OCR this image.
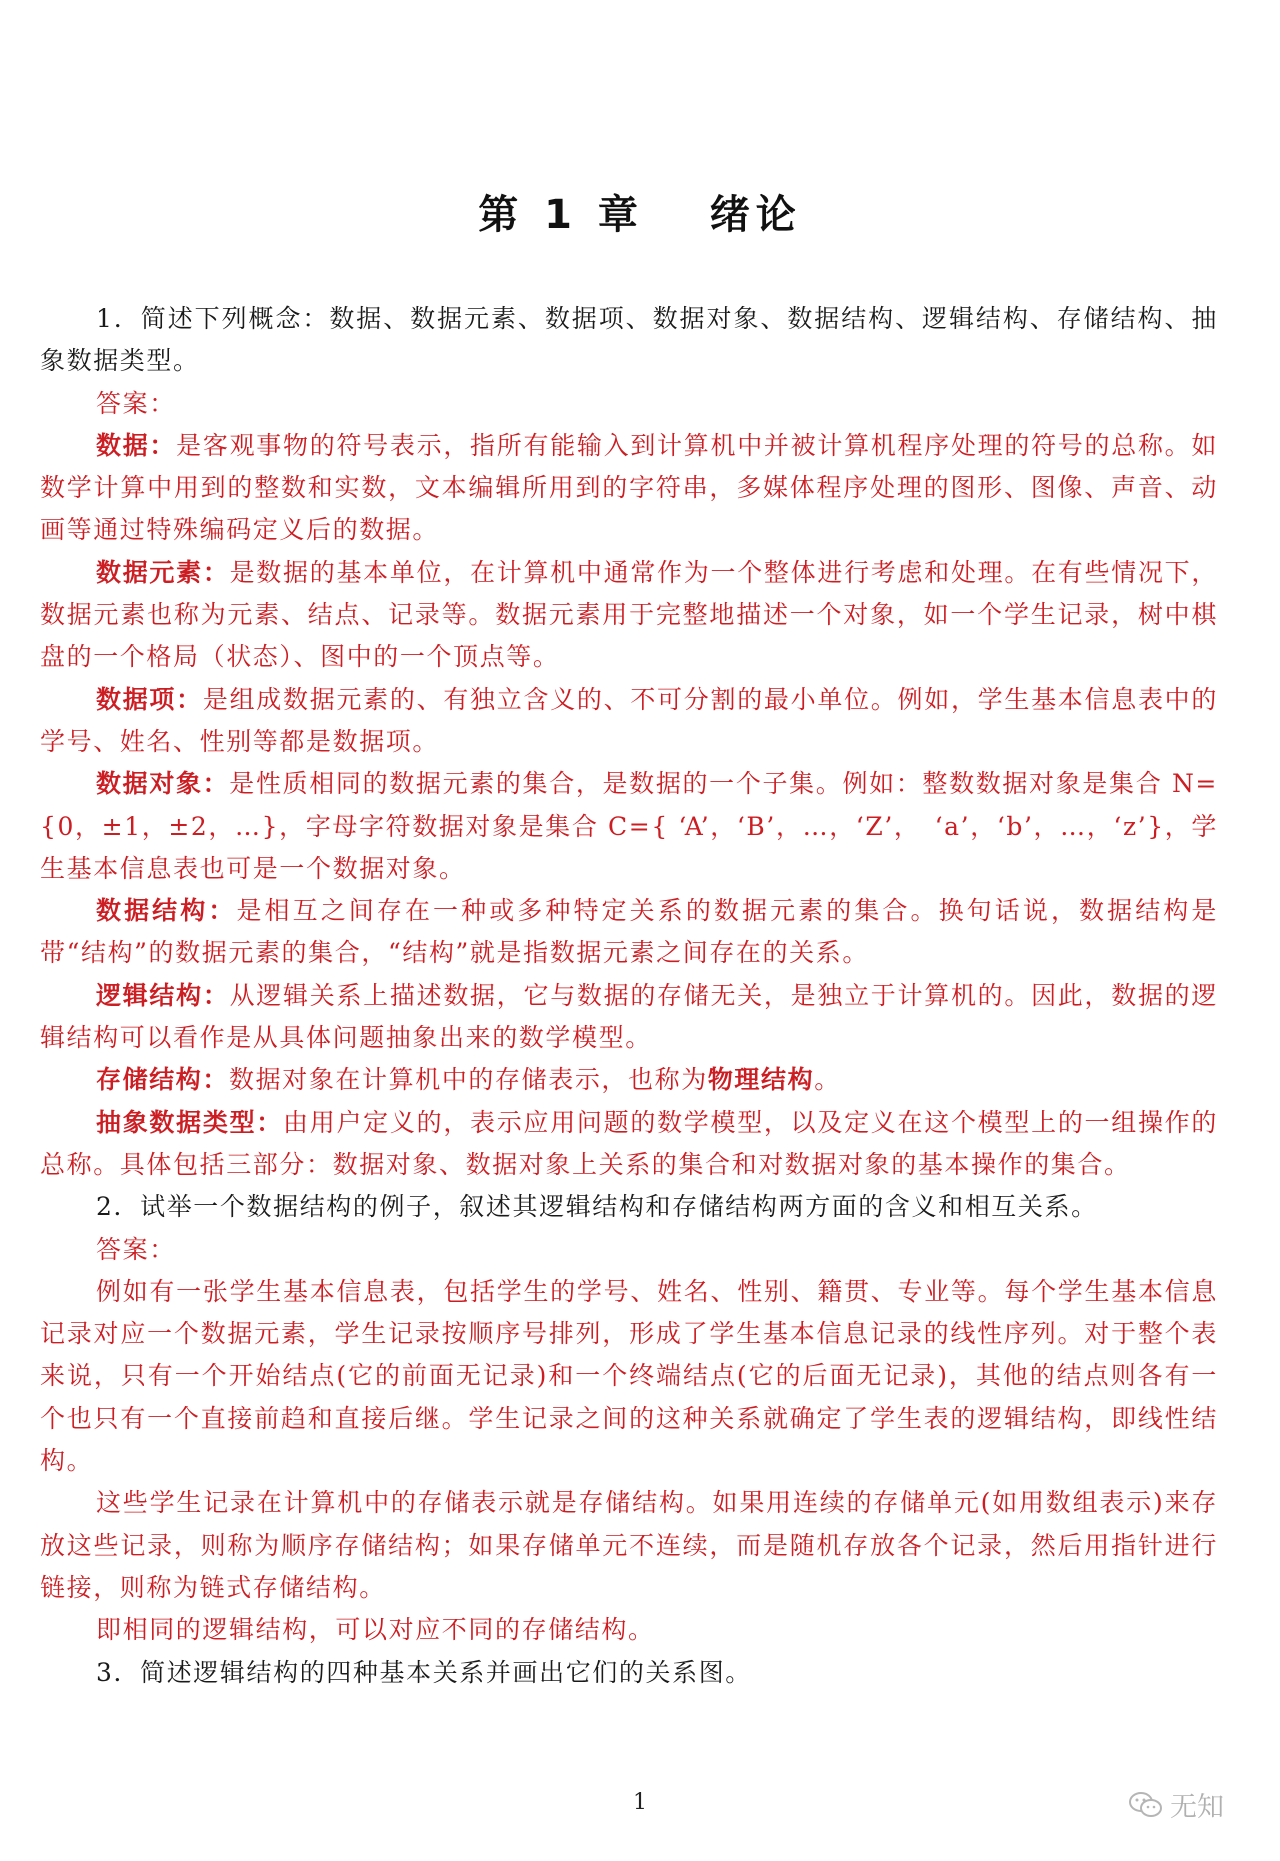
第 1 章　 绪论

1．简述下列概念：数据、数据元素、数据项、数据对象、数据结构、逻辑结构、存储结构、抽象数据类型。

答案：

数据：是客观事物的符号表示，指所有能输入到计算机中并被计算机程序处理的符号的总称。如数学计算中用到的整数和实数，文本编辑所用到的字符串，多媒体程序处理的图形、图像、声音、动画等通过特殊编码定义后的数据。

数据元素：是数据的基本单位，在计算机中通常作为一个整体进行考虑和处理。在有些情况下，数据元素也称为元素、结点、记录等。数据元素用于完整地描述一个对象，如一个学生记录，树中棋盘的一个格局（状态）、图中的一个顶点等。

数据项：是组成数据元素的、有独立含义的、不可分割的最小单位。例如，学生基本信息表中的学号、姓名、性别等都是数据项。

数据对象：是性质相同的数据元素的集合，是数据的一个子集。例如：整数数据对象是集合 N={0，±1，±2，…}，字母字符数据对象是集合 C={ ‘A’，‘B’，…，‘Z’，　‘a’，‘b’，…，‘z’}，学生基本信息表也可是一个数据对象。

数据结构：是相互之间存在一种或多种特定关系的数据元素的集合。换句话说，数据结构是带“结构”的数据元素的集合，“结构”就是指数据元素之间存在的关系。

逻辑结构：从逻辑关系上描述数据，它与数据的存储无关，是独立于计算机的。因此，数据的逻辑结构可以看作是从具体问题抽象出来的数学模型。

存储结构：数据对象在计算机中的存储表示，也称为物理结构。

抽象数据类型：由用户定义的，表示应用问题的数学模型，以及定义在这个模型上的一组操作的总称。具体包括三部分：数据对象、数据对象上关系的集合和对数据对象的基本操作的集合。

2．试举一个数据结构的例子，叙述其逻辑结构和存储结构两方面的含义和相互关系。

答案：

例如有一张学生基本信息表，包括学生的学号、姓名、性别、籍贯、专业等。每个学生基本信息记录对应一个数据元素，学生记录按顺序号排列，形成了学生基本信息记录的线性序列。对于整个表来说，只有一个开始结点(它的前面无记录)和一个终端结点(它的后面无记录)，其他的结点则各有一个也只有一个直接前趋和直接后继。学生记录之间的这种关系就确定了学生表的逻辑结构，即线性结构。

这些学生记录在计算机中的存储表示就是存储结构。如果用连续的存储单元(如用数组表示)来存放这些记录，则称为顺序存储结构；如果存储单元不连续，而是随机存放各个记录，然后用指针进行链接，则称为链式存储结构。

即相同的逻辑结构，可以对应不同的存储结构。

3．简述逻辑结构的四种基本关系并画出它们的关系图。

1	无知
